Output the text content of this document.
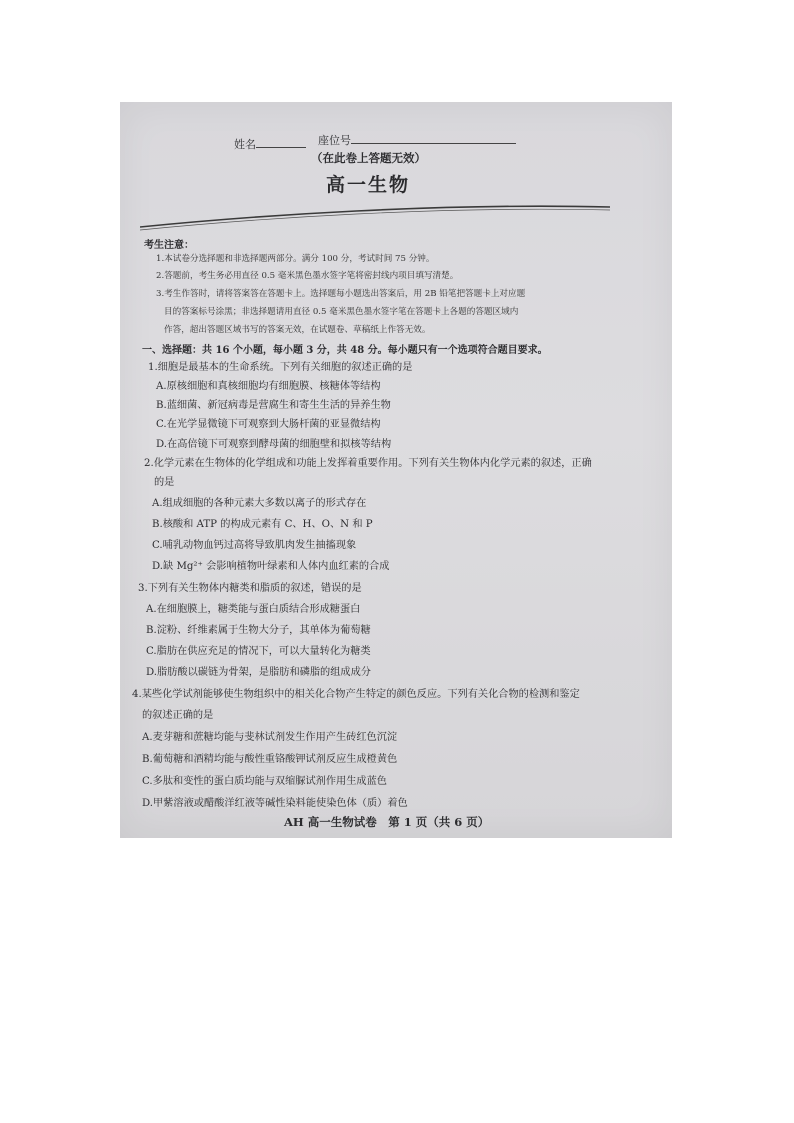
姓名	座位号
（在此卷上答题无效）
高一生物
考生注意：
1.本试卷分选择题和非选择题两部分。满分 100 分，考试时间 75 分钟。
2.答题前，考生务必用直径 0.5 毫米黑色墨水签字笔将密封线内项目填写清楚。
3.考生作答时，请将答案答在答题卡上。选择题每小题选出答案后，用 2B 铅笔把答题卡上对应题
目的答案标号涂黑；非选择题请用直径 0.5 毫米黑色墨水签字笔在答题卡上各题的答题区域内
作答，超出答题区域书写的答案无效，在试题卷、草稿纸上作答无效。
一、选择题：共 16 个小题，每小题 3 分，共 48 分。每小题只有一个选项符合题目要求。
1.细胞是最基本的生命系统。下列有关细胞的叙述正确的是
A.原核细胞和真核细胞均有细胞膜、核糖体等结构
B.蓝细菌、新冠病毒是营腐生和寄生生活的异养生物
C.在光学显微镜下可观察到大肠杆菌的亚显微结构
D.在高倍镜下可观察到酵母菌的细胞壁和拟核等结构
2.化学元素在生物体的化学组成和功能上发挥着重要作用。下列有关生物体内化学元素的叙述，正确
的是
A.组成细胞的各种元素大多数以离子的形式存在
B.核酸和 ATP 的构成元素有 C、H、O、N 和 P
C.哺乳动物血钙过高将导致肌肉发生抽搐现象
D.缺 Mg²⁺ 会影响植物叶绿素和人体内血红素的合成
3.下列有关生物体内糖类和脂质的叙述，错误的是
A.在细胞膜上，糖类能与蛋白质结合形成糖蛋白
B.淀粉、纤维素属于生物大分子，其单体为葡萄糖
C.脂肪在供应充足的情况下，可以大量转化为糖类
D.脂肪酸以碳链为骨架，是脂肪和磷脂的组成成分
4.某些化学试剂能够使生物组织中的相关化合物产生特定的颜色反应。下列有关化合物的检测和鉴定
的叙述正确的是
A.麦芽糖和蔗糖均能与斐林试剂发生作用产生砖红色沉淀
B.葡萄糖和酒精均能与酸性重铬酸钾试剂反应生成橙黄色
C.多肽和变性的蛋白质均能与双缩脲试剂作用生成蓝色
D.甲紫溶液或醋酸洋红液等碱性染料能使染色体（质）着色
AH 高一生物试卷　第 1 页（共 6 页）
